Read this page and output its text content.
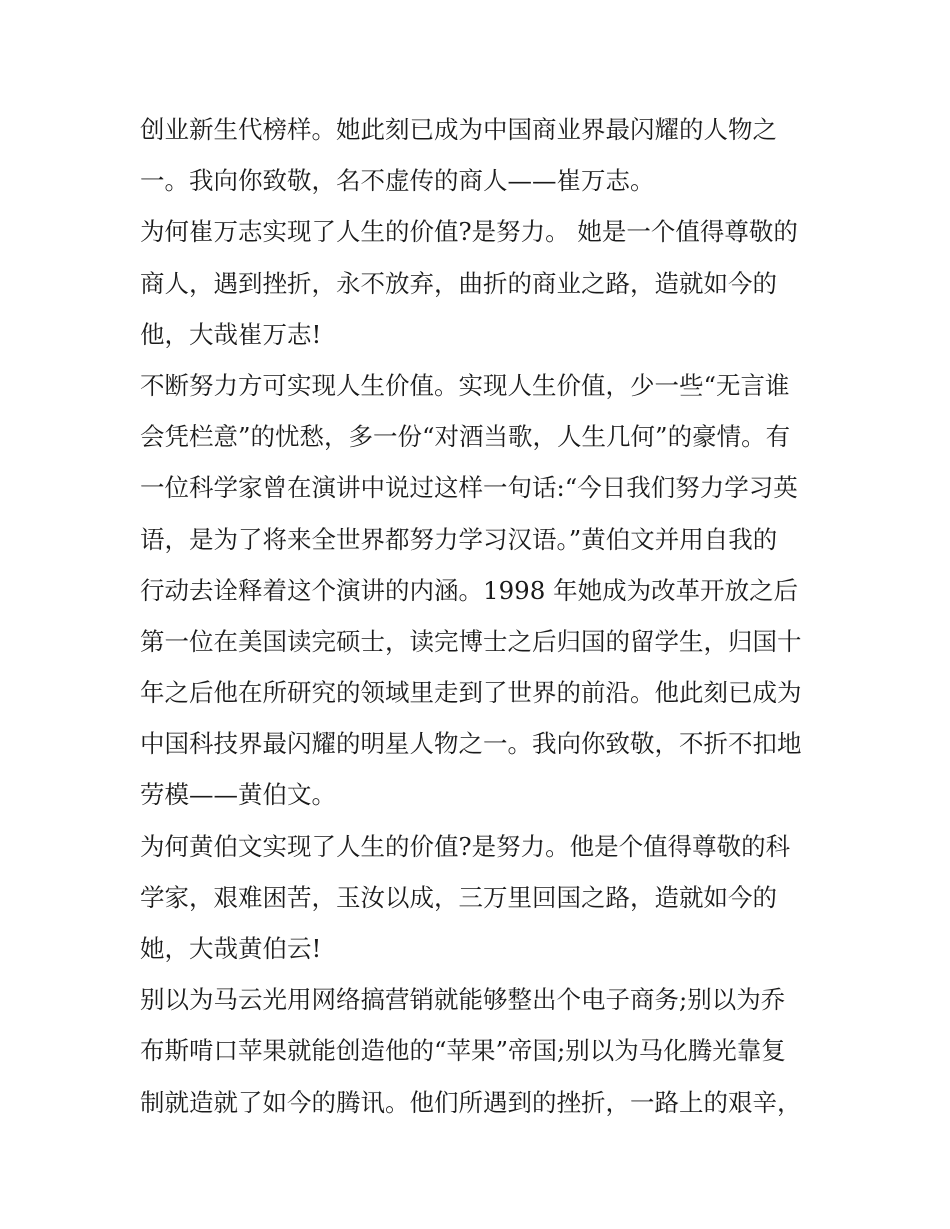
创业新生代榜样。她此刻已成为中国商业界最闪耀的人物之
一。我向你致敬，名不虚传的商人——崔万志。
为何崔万志实现了人生的价值?是努力。 她是一个值得尊敬的
商人，遇到挫折，永不放弃，曲折的商业之路，造就如今的
他，大哉崔万志!
不断努力方可实现人生价值。实现人生价值，少一些“无言谁
会凭栏意”的忧愁，多一份“对酒当歌，人生几何”的豪情。有
一位科学家曾在演讲中说过这样一句话:“今日我们努力学习英
语，是为了将来全世界都努力学习汉语。”黄伯文并用自我的
行动去诠释着这个演讲的内涵。1998 年她成为改革开放之后
第一位在美国读完硕士，读完博士之后归国的留学生，归国十
年之后他在所研究的领域里走到了世界的前沿。他此刻已成为
中国科技界最闪耀的明星人物之一。我向你致敬，不折不扣地
劳模——黄伯文。
为何黄伯文实现了人生的价值?是努力。他是个值得尊敬的科
学家，艰难困苦，玉汝以成，三万里回国之路，造就如今的
她，大哉黄伯云!
别以为马云光用网络搞营销就能够整出个电子商务;别以为乔
布斯啃口苹果就能创造他的“苹果”帝国;别以为马化腾光靠复
制就造就了如今的腾讯。他们所遇到的挫折，一路上的艰辛，
